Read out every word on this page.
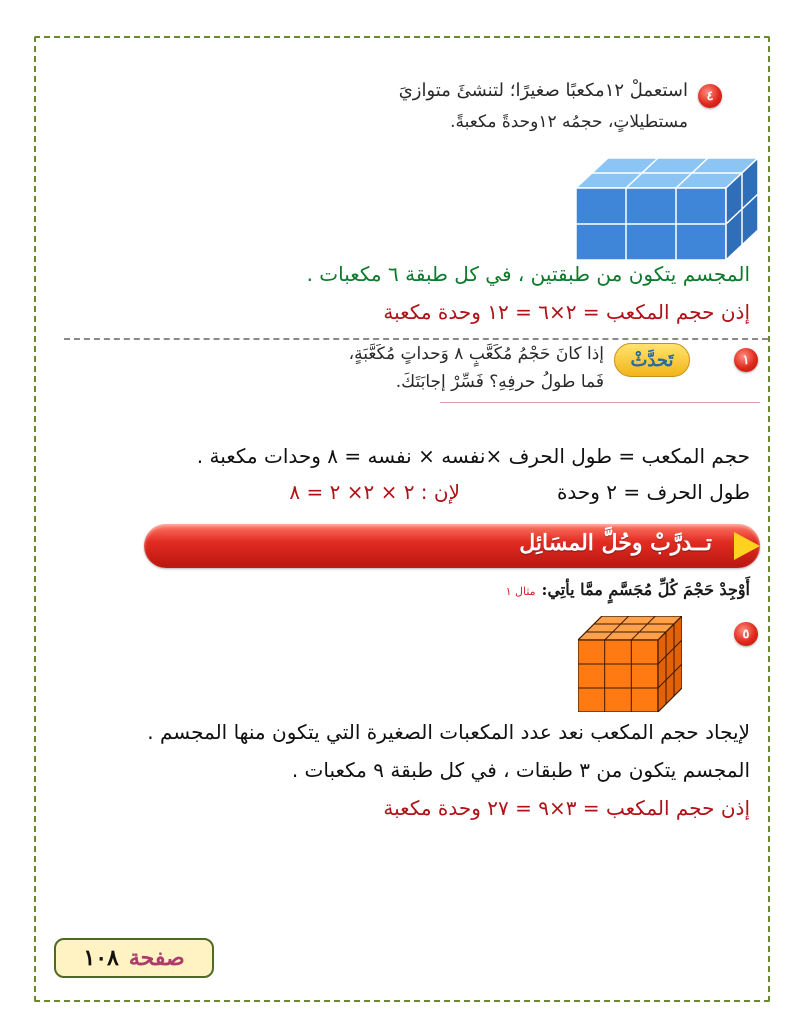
٤
استعملْ ١٢مكعبًا صغيرًا؛ لتنشئَ متوازيَ
مستطيلاتٍ، حجمُه ١٢وحدةً مكعبةً.
المجسم يتكون من طبقتين ، في كل طبقة ٦ مكعبات .
إذن حجم المكعب = ٢×٦ = ١٢ وحدة مكعبة
١
تَحدَّثْ
إذا كانَ حَجْمُ مُكَعَّبٍ ٨ وَحداتٍ مُكَعَّبَةٍ،
فَما طولُ حرفِهِ؟ فَسِّرْ إجابَتَكَ.
حجم المكعب = طول الحرف ×نفسه × نفسه = ٨ وحدات مكعبة .
طول الحرف = ٢ وحدة
لإن : ٢ × ٢× ٢ = ٨
تــدرَّبْ وحُلَّ المسَائِل
أَوْجِدْ حَجْمَ كُلِّ مُجَسَّمٍ ممَّا يأتِي:مثال ١
٥
لإيجاد حجم المكعب نعد عدد المكعبات الصغيرة التي يتكون منها المجسم .
المجسم يتكون من ٣ طبقات ، في كل طبقة ٩ مكعبات .
إذن حجم المكعب = ٣×٩ = ٢٧ وحدة مكعبة
صفحة
١٠٨
